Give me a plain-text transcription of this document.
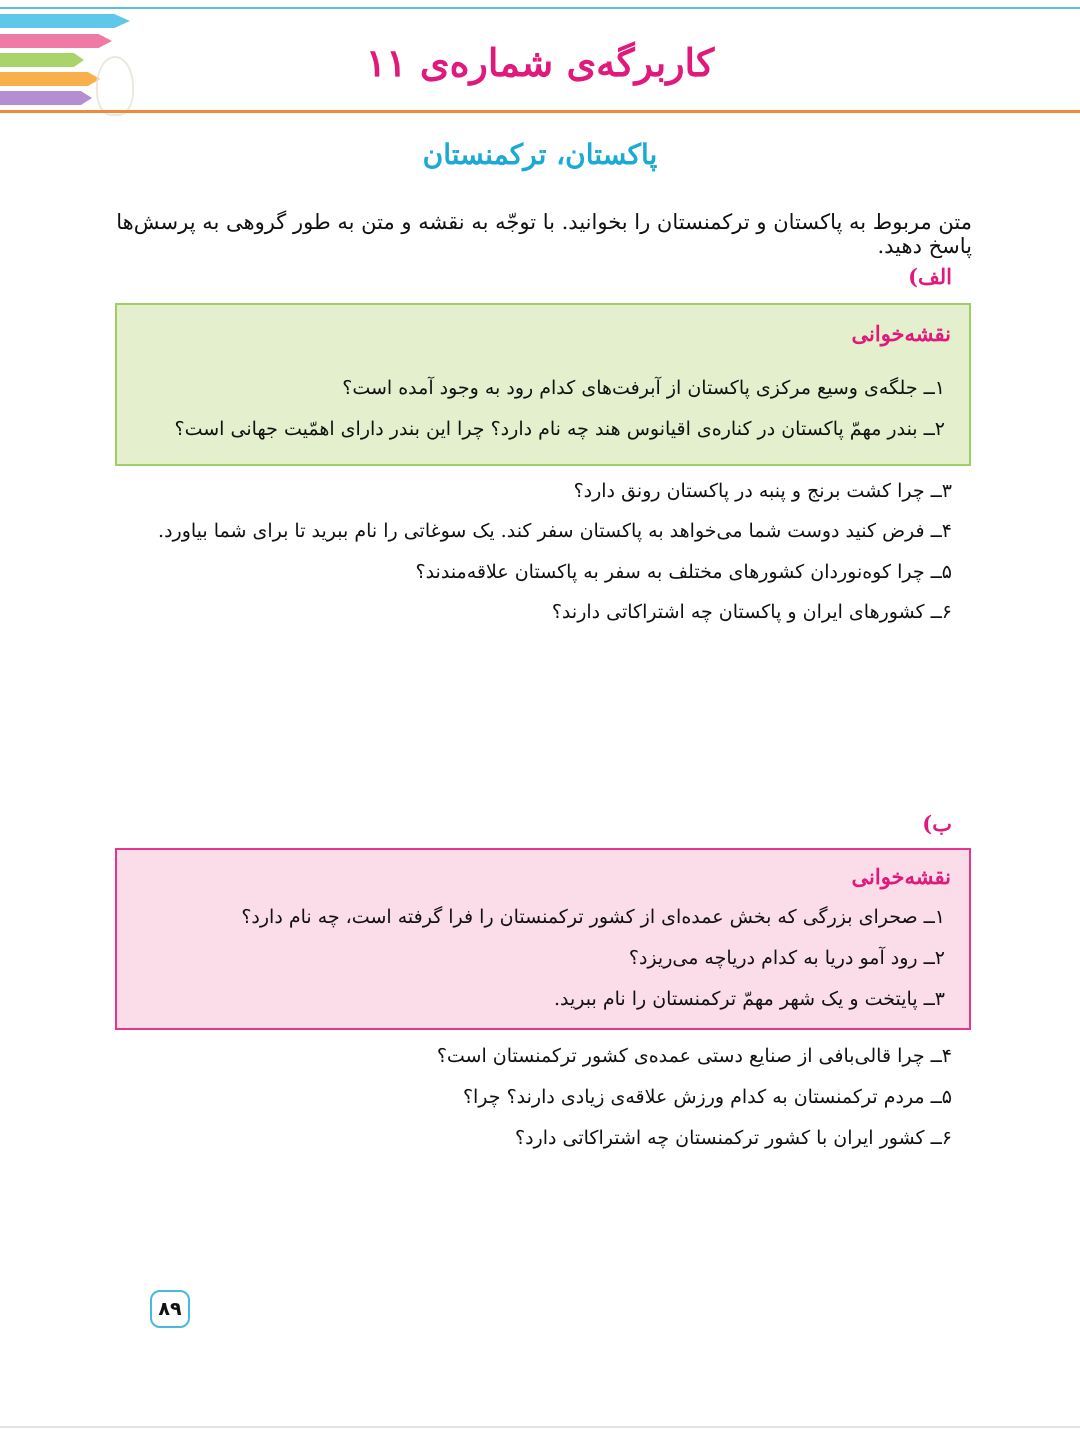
کاربرگه‌ی شماره‌ی ۱۱
پاکستان، ترکمنستان
متن مربوط به پاکستان و ترکمنستان را بخوانید. با توجّه به نقشه و متن به طور گروهی به پرسش‌ها پاسخ دهید.
الف)
نقشه‌خوانی
۱ــ جلگه‌ی وسیع مرکزی پاکستان از آبرفت‌های کدام رود به وجود آمده است؟
۲ــ بندر مهمّ پاکستان در کناره‌ی اقیانوس هند چه نام دارد؟ چرا این بندر دارای اهمّیت جهانی است؟
۳ــ چرا کشت برنج و پنبه در پاکستان رونق دارد؟
۴ــ فرض کنید دوست شما می‌خواهد به پاکستان سفر کند. یک سوغاتی را نام ببرید تا برای شما بیاورد.
۵ــ چرا کوه‌نوردان کشورهای مختلف به سفر به پاکستان علاقه‌مندند؟
۶ــ کشورهای ایران و پاکستان چه اشتراکاتی دارند؟
ب)
نقشه‌خوانی
۱ــ صحرای بزرگی که بخش عمده‌ای از کشور ترکمنستان را فرا گرفته است، چه نام دارد؟
۲ــ رود آمو دریا به کدام دریاچه می‌ریزد؟
۳ــ پایتخت و یک شهر مهمّ ترکمنستان را نام ببرید.
۴ــ چرا قالی‌بافی از صنایع دستی عمده‌ی کشور ترکمنستان است؟
۵ــ مردم ترکمنستان به کدام ورزش علاقه‌ی زیادی دارند؟ چرا؟
۶ــ کشور ایران با کشور ترکمنستان چه اشتراکاتی دارد؟
۸۹
